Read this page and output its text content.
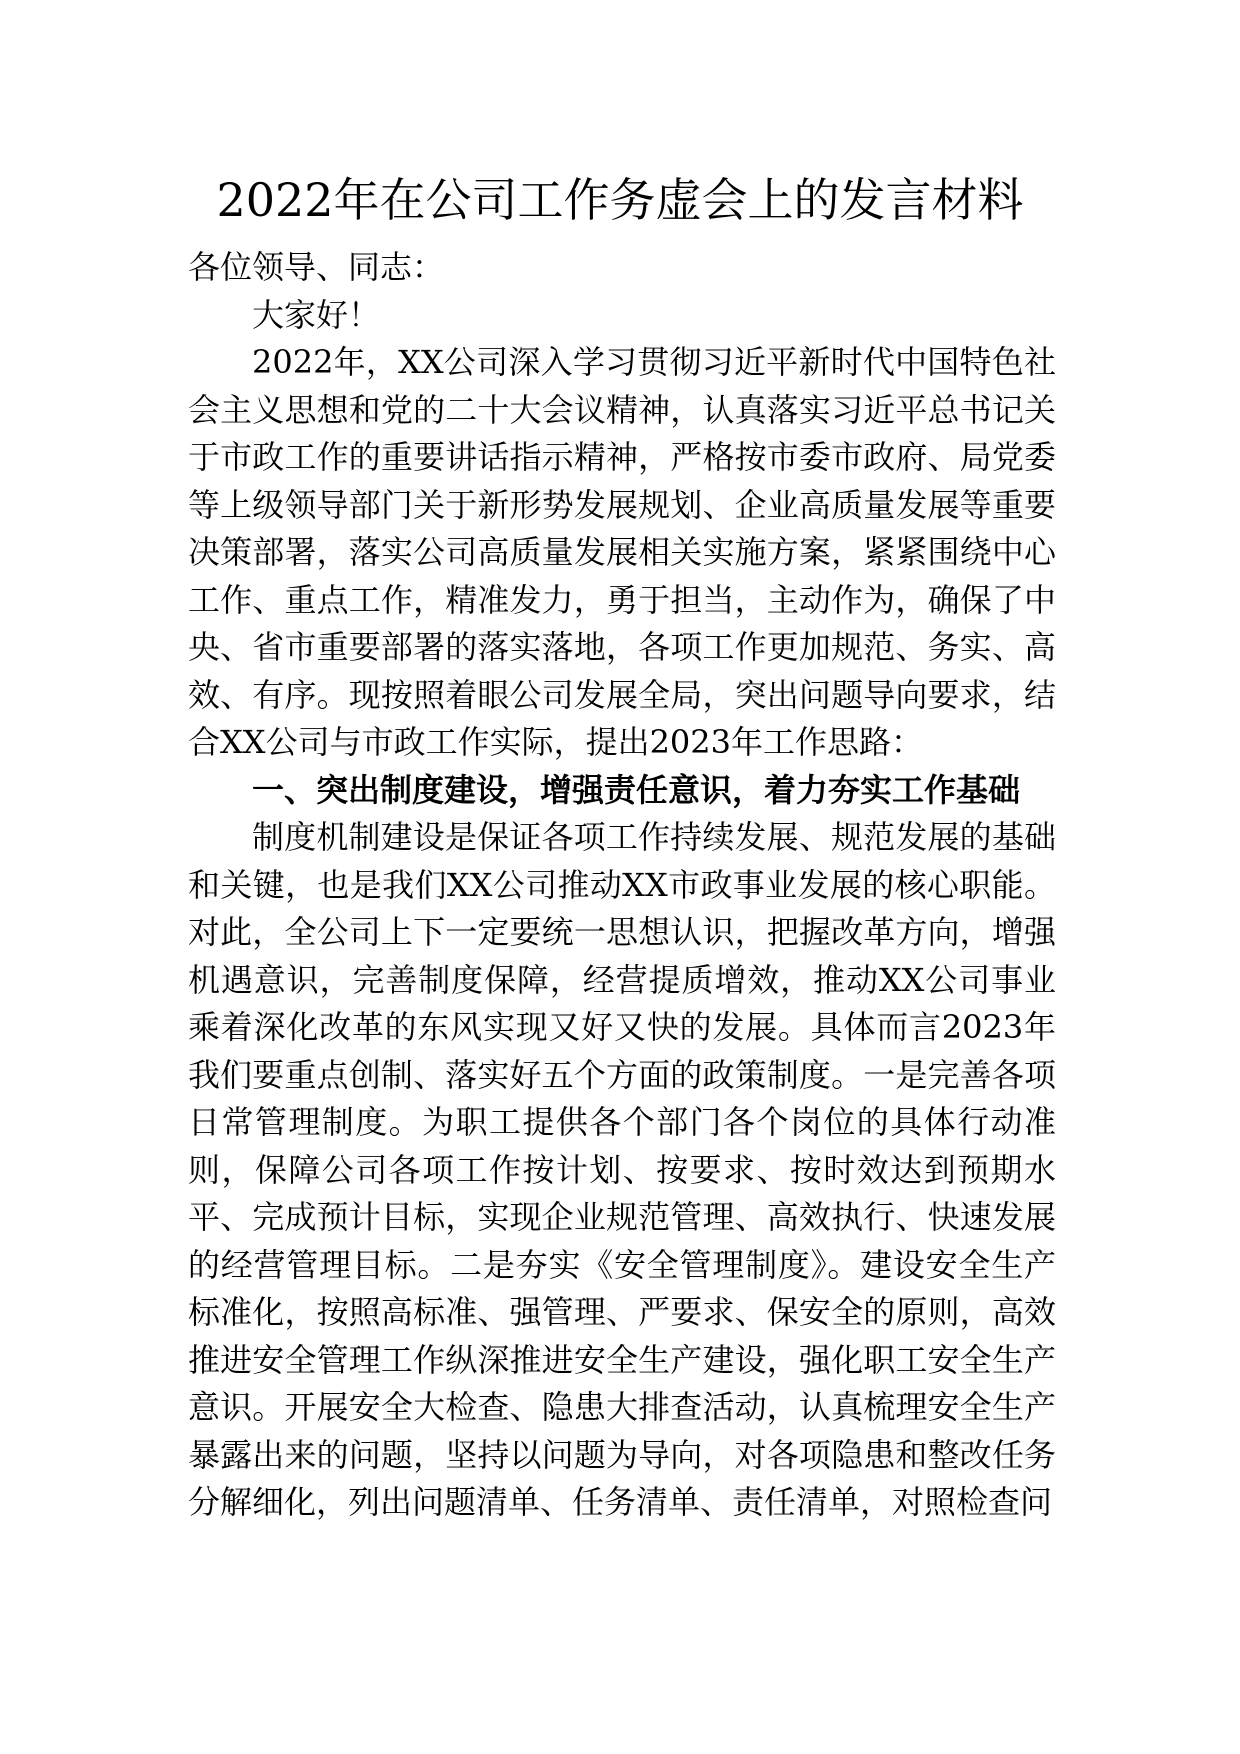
2022年在公司工作务虚会上的发言材料

各位领导、同志：

大家好！

2022年，XX公司深入学习贯彻习近平新时代中国特色社会主义思想和党的二十大会议精神，认真落实习近平总书记关于市政工作的重要讲话指示精神，严格按市委市政府、局党委等上级领导部门关于新形势发展规划、企业高质量发展等重要决策部署，落实公司高质量发展相关实施方案，紧紧围绕中心工作、重点工作，精准发力，勇于担当，主动作为，确保了中央、省市重要部署的落实落地，各项工作更加规范、务实、高效、有序。现按照着眼公司发展全局，突出问题导向要求，结合XX公司与市政工作实际，提出2023年工作思路：

一、突出制度建设，增强责任意识，着力夯实工作基础

制度机制建设是保证各项工作持续发展、规范发展的基础和关键，也是我们XX公司推动XX市政事业发展的核心职能。对此，全公司上下一定要统一思想认识，把握改革方向，增强机遇意识，完善制度保障，经营提质增效，推动XX公司事业乘着深化改革的东风实现又好又快的发展。具体而言2023年我们要重点创制、落实好五个方面的政策制度。一是完善各项日常管理制度。为职工提供各个部门各个岗位的具体行动准则，保障公司各项工作按计划、按要求、按时效达到预期水平、完成预计目标，实现企业规范管理、高效执行、快速发展的经营管理目标。二是夯实《安全管理制度》。建设安全生产标准化，按照高标准、强管理、严要求、保安全的原则，高效推进安全管理工作纵深推进安全生产建设，强化职工安全生产意识。开展安全大检查、隐患大排查活动，认真梳理安全生产暴露出来的问题，坚持以问题为导向，对各项隐患和整改任务分解细化，列出问题清单、任务清单、责任清单，对照检查问
